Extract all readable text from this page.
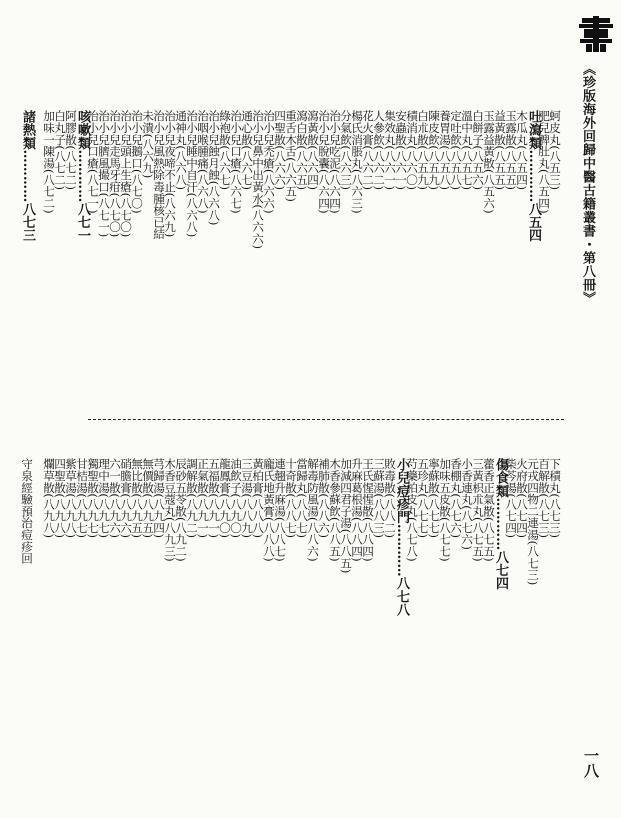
《珍版海外回歸中醫古籍叢書・第八冊》
蚵皮丸(八五三)
肥兒脾肚丸(八五四)
吐瀉類…………八五四
木瓜丸(八五四)
玉露散(八五五)
益黃散(八五五)
玉露益黃散(八五六)
白餅子(八五六)
溫中丸(八五七)
定吐飲(八五八)
養胃湯(八五八)
陳皮飲(八五九)
白朮散(八五九)
積消丸(八六〇)
安蟲散(八六一)
集效丸(八六一)
人參飲(八六二)
花火膏(八六二)
楊氏消脹丸(八六三)
分氣飲(八六三)
治小兒吃泥(八六四)
治小兒脫囊(八六四)
瀉黃散(八六四)
瀉白散(八六五)
重舌木舌(八六五)
四聖散(八六六)
治小兒禿瘡(八六六)
治小兒鼻中出黃水(八六六)
通心散(八六七)
治小兒口瘡(八六七)
綠袍散(八六七)
治小兒蝕月蝕(八六八)
治咽喉腫痛(八六八)
治小兒睡中自汗(八六八)
通神丸(八六八)
治小兒夜啼不止(八六九)
治小兒風熱除毒腫核已結
未潰(八六九)
治小兒鵝口(八七〇)
治小兒頭上生瘡(八七〇)
治小兒走馬牙疳(八七〇)
治小兒臍風撮口(八七一)
治小兒口瘡(八七一)
咳嗽類…………八七一
阿膠散(八七二)
白丸子(八七二)
加味一陳湯(八七二)
諸熱類…………八七三
下積丸(八七三)
百解散(八七三)
元戎四物二連湯(八七三)
火府散(八七四)
柴芩湯(八七四)
傷食類…………八七四
藿香正氣散(八七五)
三黃枳朮丸(八七五)
小香連丸(八七六)
香棚丸(八七六)
加味五皮散(八七七)
寧蘇散(八七七)
五珍丸(八七七)
芍藥柏皮丸(八七八)
小兒痘疹門…………八七八
敗毒散(八八二)
三蘇湯(八八三)
王氏惺惺散(八八四)
升麻葛根湯(八八四)
加減四君子湯(八八五)
木香參蘇飲(八八五)
補肺散(八八六)
解毒防風湯(八八六)
當歸丸(八八七)
十奇散(八八七)
連翹升麻湯(八八七)
龐氏地黃膏(八八八)
黃柏膏(八八八)
三豆湯(八八九)
油飲子(八九〇)
龍鳳膏(八九〇)
五福散(八九一)
正氣散(八九一)
調解散(八九二)
辰砂五苓散(八九二)
木香豆蔻丸(八九三)
芎歸湯(八九四)
無價散(八九五)
無比散(八九五)
硝膽膏(八九六)
六一散(八九六)
理中湯(八九七)
獨聖散(八九七)
甘桔湯(八九七)
紫草湯(八九八)
四聖散(八九八)
爛草散(八九八)
守泉經驗預治痘疹回
一八
